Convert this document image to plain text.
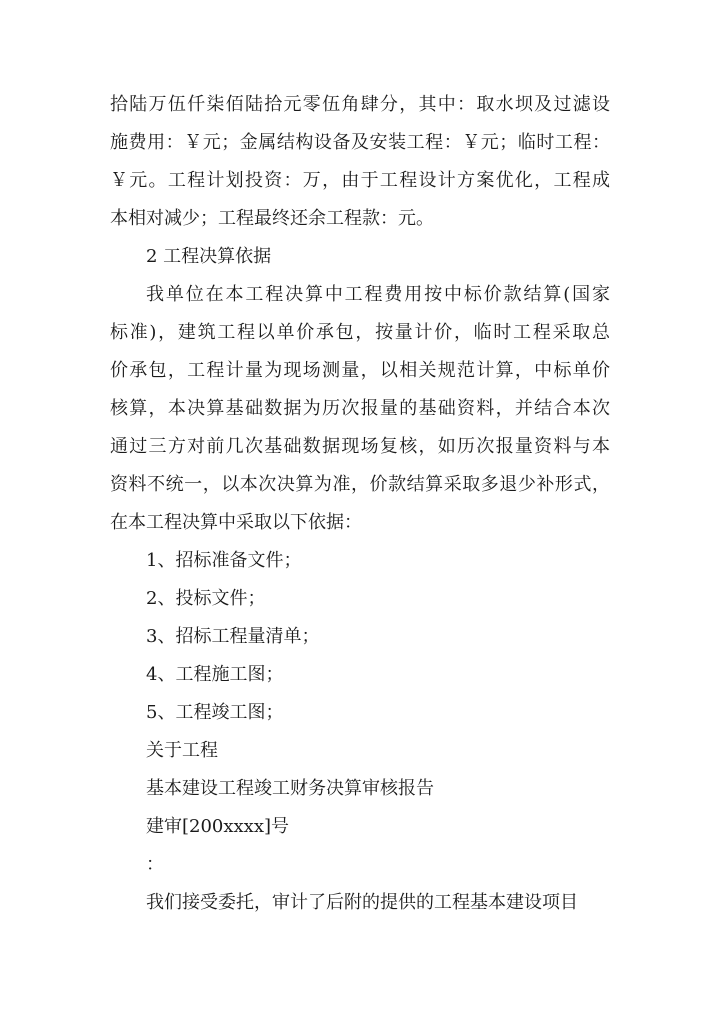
拾陆万伍仟柒佰陆拾元零伍角肆分，其中：取水坝及过滤设
施费用：￥元；金属结构设备及安装工程：￥元；临时工程：
￥元。工程计划投资：万，由于工程设计方案优化，工程成
本相对减少；工程最终还余工程款：元。
2 工程决算依据
我单位在本工程决算中工程费用按中标价款结算(国家
标准)，建筑工程以单价承包，按量计价，临时工程采取总
价承包，工程计量为现场测量，以相关规范计算，中标单价
核算，本决算基础数据为历次报量的基础资料，并结合本次
通过三方对前几次基础数据现场复核，如历次报量资料与本
资料不统一，以本次决算为准，价款结算采取多退少补形式，
在本工程决算中采取以下依据：
1、招标准备文件；
2、投标文件；
3、招标工程量清单；
4、工程施工图；
5、工程竣工图；
关于工程
基本建设工程竣工财务决算审核报告
建审[200xxxx]号
：
我们接受委托，审计了后附的提供的工程基本建设项目
